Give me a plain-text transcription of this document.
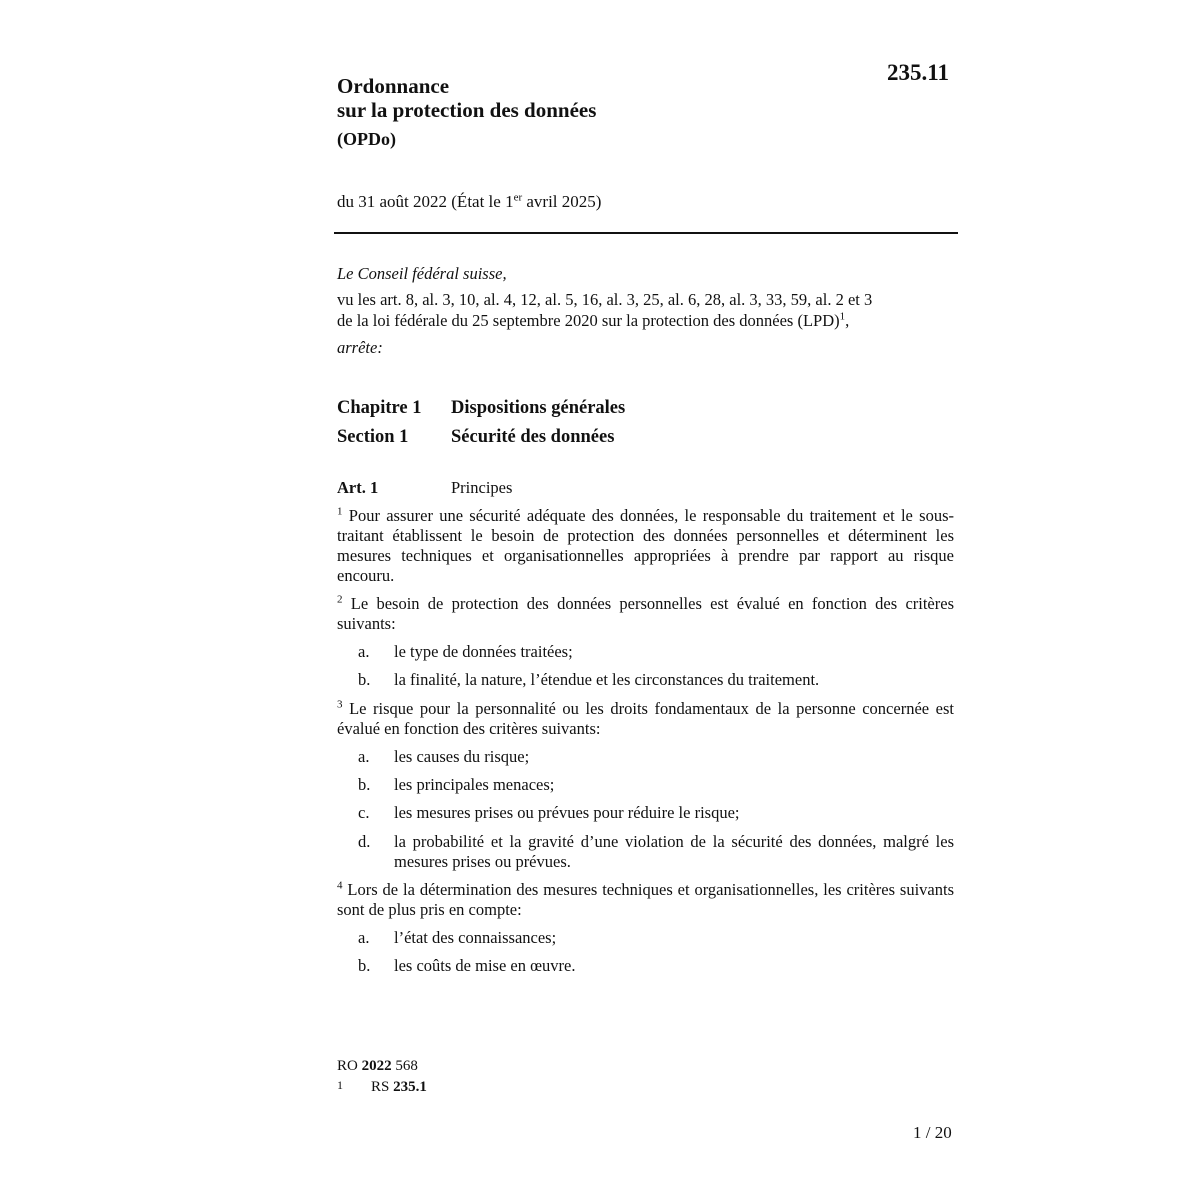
235.11
Ordonnance
sur la protection des données
(OPDo)
du 31 août 2022 (État le 1er avril 2025)
Le Conseil fédéral suisse,
vu les art. 8, al. 3, 10, al. 4, 12, al. 5, 16, al. 3, 25, al. 6, 28, al. 3, 33, 59, al. 2 et 3
de la loi fédérale du 25 septembre 2020 sur la protection des données (LPD)$^1$,
arrête:
Chapitre 1 Dispositions générales
Section 1 Sécurité des données
Art. 1	Principes
$^1$ Pour assurer une sécurité adéquate des données, le responsable du traitement et le sous-traitant établissent le besoin de protection des données personnelles et déterminent les mesures techniques et organisationnelles appropriées à prendre par rapport au risque encouru.
$^2$ Le besoin de protection des données personnelles est évalué en fonction des critères suivants:
a. le type de données traitées;
b. la finalité, la nature, l’étendue et les circonstances du traitement.
$^3$ Le risque pour la personnalité ou les droits fondamentaux de la personne concernée est évalué en fonction des critères suivants:
a. les causes du risque;
b. les principales menaces;
c. les mesures prises ou prévues pour réduire le risque;
d. la probabilité et la gravité d’une violation de la sécurité des données, malgré les mesures prises ou prévues.
$^4$ Lors de la détermination des mesures techniques et organisationnelles, les critères suivants sont de plus pris en compte:
a. l’état des connaissances;
b. les coûts de mise en œuvre.
RO 2022 568
1 RS 235.1
1 / 20
